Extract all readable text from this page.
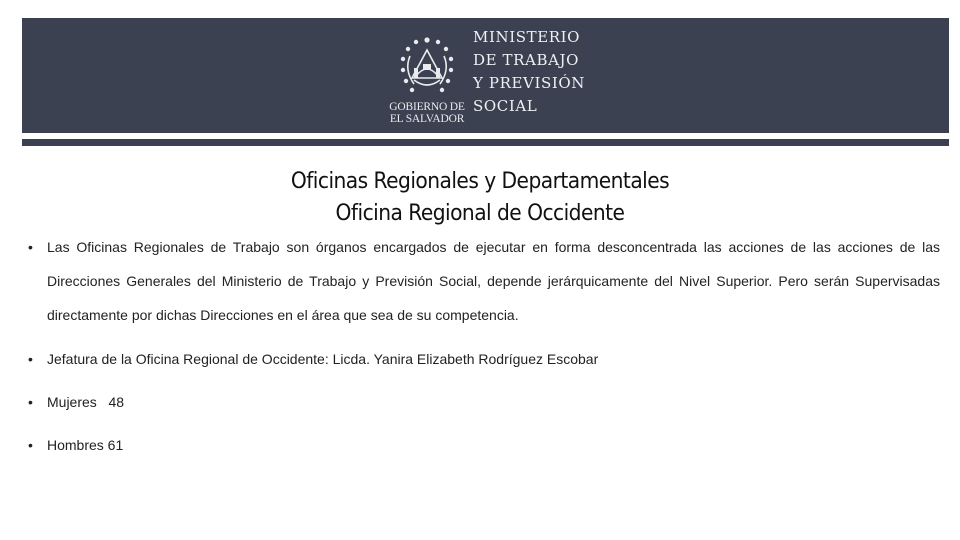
GOBIERNO DE
EL SALVADOR
MINISTERIO
DE TRABAJO
Y PREVISIÓN
SOCIAL
Oficinas Regionales y Departamentales
Oficina Regional de Occidente
• Las Oficinas Regionales de Trabajo son órganos encargados de ejecutar en forma desconcentrada las acciones de las acciones de las Direcciones Generales del Ministerio de Trabajo y Previsión Social, depende jerárquicamente del Nivel Superior. Pero serán Supervisadas directamente por dichas Direcciones en el área que sea de su competencia.
• Jefatura de la Oficina Regional de Occidente: Licda. Yanira Elizabeth Rodríguez Escobar
• Mujeres   48
• Hombres 61
